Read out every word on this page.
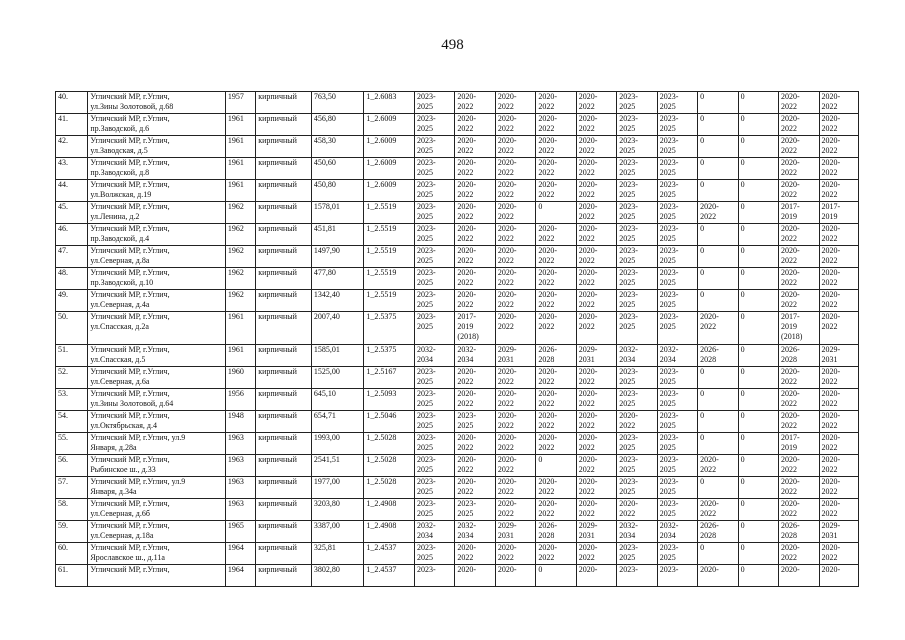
498
40.	Угличский МР, г.Углич,
ул.Зины Золотовой, д.68	1957	кирпичный	763,50	1_2.6083	2023-
2025	2020-
2022	2020-
2022	2020-
2022	2020-
2022	2023-
2025	2023-
2025	0	0	2020-
2022	2020-
2022

41.	Угличский МР, г.Углич,
пр.Заводской, д.6	1961	кирпичный	456,80	1_2.6009	2023-
2025	2020-
2022	2020-
2022	2020-
2022	2020-
2022	2023-
2025	2023-
2025	0	0	2020-
2022	2020-
2022

42.	Угличский МР, г.Углич,
ул.Заводская, д.5	1961	кирпичный	458,30	1_2.6009	2023-
2025	2020-
2022	2020-
2022	2020-
2022	2020-
2022	2023-
2025	2023-
2025	0	0	2020-
2022	2020-
2022

43.	Угличский МР, г.Углич,
пр.Заводской, д.8	1961	кирпичный	450,60	1_2.6009	2023-
2025	2020-
2022	2020-
2022	2020-
2022	2020-
2022	2023-
2025	2023-
2025	0	0	2020-
2022	2020-
2022

44.	Угличский МР, г.Углич,
ул.Волжская, д.19	1961	кирпичный	450,80	1_2.6009	2023-
2025	2020-
2022	2020-
2022	2020-
2022	2020-
2022	2023-
2025	2023-
2025	0	0	2020-
2022	2020-
2022

45.	Угличский МР, г.Углич,
ул.Ленина, д.2	1962	кирпичный	1578,01	1_2.5519	2023-
2025	2020-
2022	2020-
2022	0	2020-
2022	2023-
2025	2023-
2025	2020-
2022	0	2017-
2019	2017-
2019

46.	Угличский МР, г.Углич,
пр.Заводской, д.4	1962	кирпичный	451,81	1_2.5519	2023-
2025	2020-
2022	2020-
2022	2020-
2022	2020-
2022	2023-
2025	2023-
2025	0	0	2020-
2022	2020-
2022

47.	Угличский МР, г.Углич,
ул.Северная, д.8а	1962	кирпичный	1497,90	1_2.5519	2023-
2025	2020-
2022	2020-
2022	2020-
2022	2020-
2022	2023-
2025	2023-
2025	0	0	2020-
2022	2020-
2022

48.	Угличский МР, г.Углич,
пр.Заводской, д.10	1962	кирпичный	477,80	1_2.5519	2023-
2025	2020-
2022	2020-
2022	2020-
2022	2020-
2022	2023-
2025	2023-
2025	0	0	2020-
2022	2020-
2022

49.	Угличский МР, г.Углич,
ул.Северная, д.4а	1962	кирпичный	1342,40	1_2.5519	2023-
2025	2020-
2022	2020-
2022	2020-
2022	2020-
2022	2023-
2025	2023-
2025	0	0	2020-
2022	2020-
2022

50.	Угличский МР, г.Углич,
ул.Спасская, д.2а	1961	кирпичный	2007,40	1_2.5375	2023-
2025	2017-
2019
(2018)	2020-
2022	2020-
2022	2020-
2022	2023-
2025	2023-
2025	2020-
2022	0	2017-
2019
(2018)	2020-
2022

51.	Угличский МР, г.Углич,
ул.Спасская, д.5	1961	кирпичный	1585,01	1_2.5375	2032-
2034	2032-
2034	2029-
2031	2026-
2028	2029-
2031	2032-
2034	2032-
2034	2026-
2028	0	2026-
2028	2029-
2031

52.	Угличский МР, г.Углич,
ул.Северная, д.6а	1960	кирпичный	1525,00	1_2.5167	2023-
2025	2020-
2022	2020-
2022	2020-
2022	2020-
2022	2023-
2025	2023-
2025	0	0	2020-
2022	2020-
2022

53.	Угличский МР, г.Углич,
ул.Зины Золотовой, д.64	1956	кирпичный	645,10	1_2.5093	2023-
2025	2020-
2022	2020-
2022	2020-
2022	2020-
2022	2023-
2025	2023-
2025	0	0	2020-
2022	2020-
2022

54.	Угличский МР, г.Углич,
ул.Октябрьская, д.4	1948	кирпичный	654,71	1_2.5046	2023-
2025	2023-
2025	2020-
2022	2020-
2022	2020-
2022	2020-
2022	2023-
2025	0	0	2020-
2022	2020-
2022

55.	Угличский МР, г.Углич, ул.9
Января, д.28а	1963	кирпичный	1993,00	1_2.5028	2023-
2025	2020-
2022	2020-
2022	2020-
2022	2020-
2022	2023-
2025	2023-
2025	0	0	2017-
2019	2020-
2022

56.	Угличский МР, г.Углич,
Рыбинское ш., д.33	1963	кирпичный	2541,51	1_2.5028	2023-
2025	2020-
2022	2020-
2022	0	2020-
2022	2023-
2025	2023-
2025	2020-
2022	0	2020-
2022	2020-
2022

57.	Угличский МР, г.Углич, ул.9
Января, д.34а	1963	кирпичный	1977,00	1_2.5028	2023-
2025	2020-
2022	2020-
2022	2020-
2022	2020-
2022	2023-
2025	2023-
2025	0	0	2020-
2022	2020-
2022

58.	Угличский МР, г.Углич,
ул.Северная, д.6б	1963	кирпичный	3203,80	1_2.4908	2023-
2025	2023-
2025	2020-
2022	2020-
2022	2020-
2022	2020-
2022	2023-
2025	2020-
2022	0	2020-
2022	2020-
2022

59.	Угличский МР, г.Углич,
ул.Северная, д.18а	1965	кирпичный	3387,00	1_2.4908	2032-
2034	2032-
2034	2029-
2031	2026-
2028	2029-
2031	2032-
2034	2032-
2034	2026-
2028	0	2026-
2028	2029-
2031

60.	Угличский МР, г.Углич,
Ярославское ш., д.11а	1964	кирпичный	325,81	1_2.4537	2023-
2025	2020-
2022	2020-
2022	2020-
2022	2020-
2022	2023-
2025	2023-
2025	0	0	2020-
2022	2020-
2022

61.	Угличский МР, г.Углич,	1964	кирпичный	3802,80	1_2.4537	2023-	2020-	2020-	0	2020-	2023-	2023-	2020-	0	2020-	2020-
